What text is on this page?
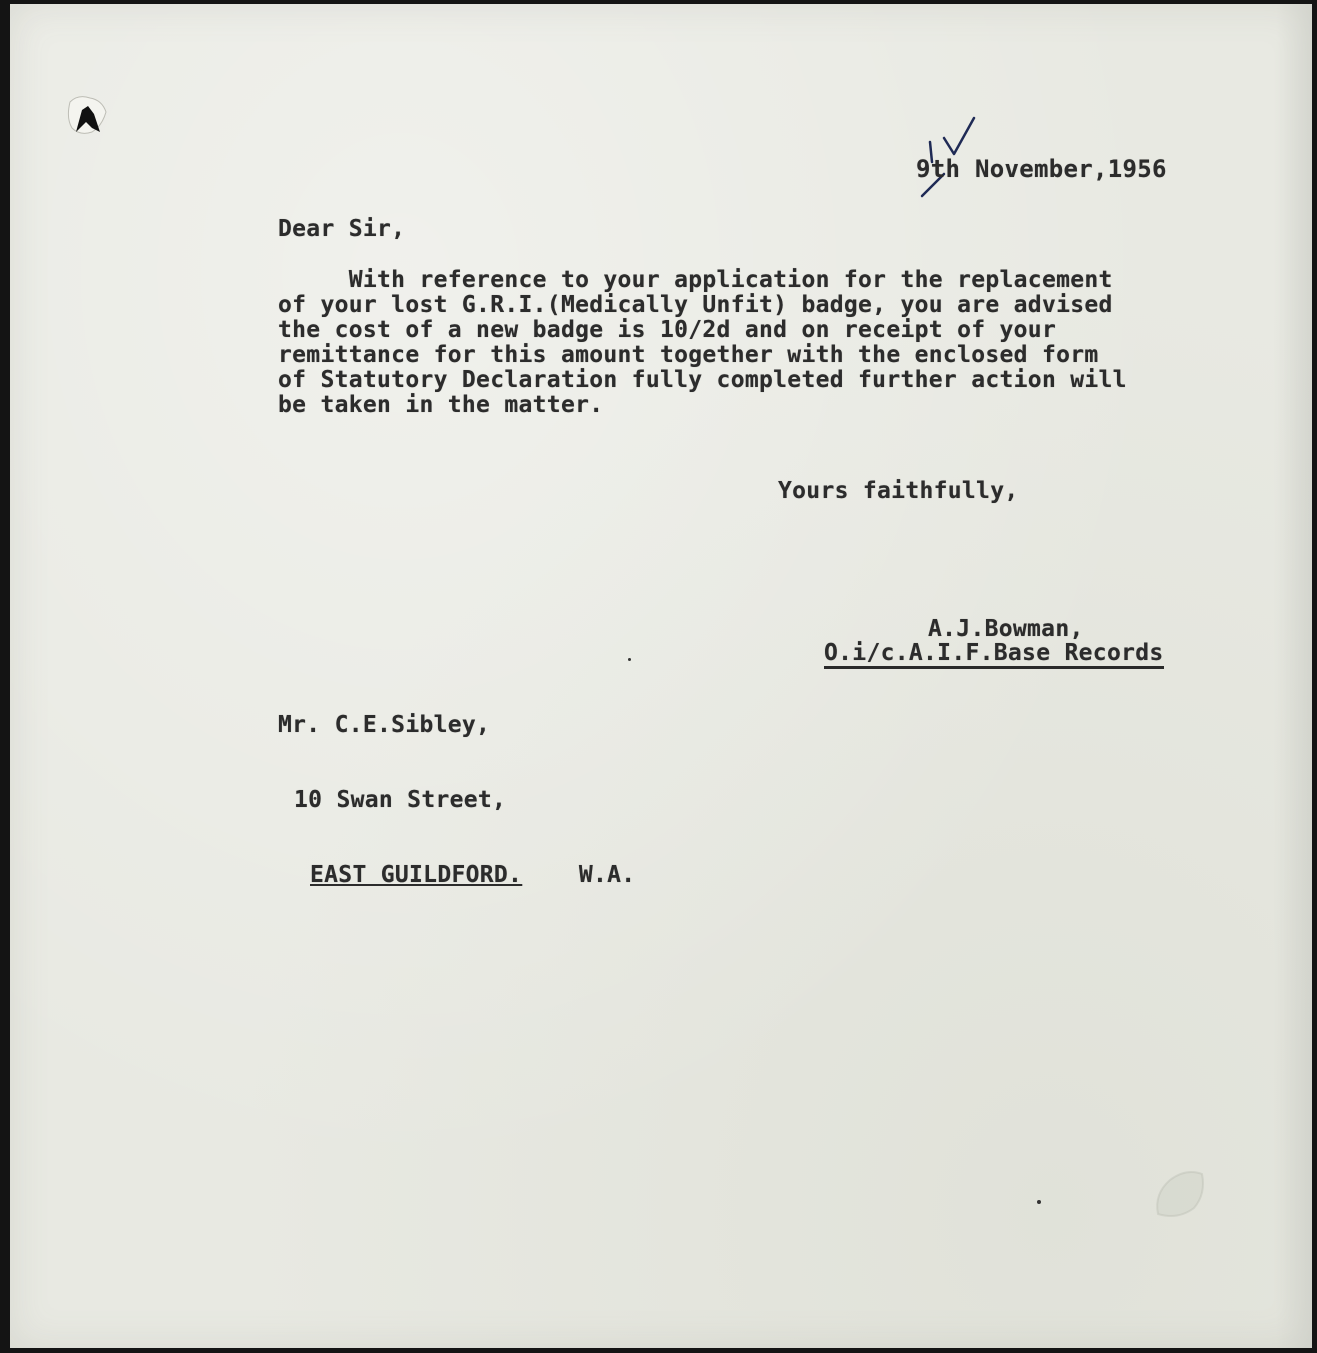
9th November,1956
Dear Sir,
With reference to your application for the replacement
of your lost G.R.I.(Medically Unfit) badge, you are advised
the cost of a new badge is 10/2d and on receipt of your
remittance for this amount together with the enclosed form
of Statutory Declaration fully completed further action will
be taken in the matter.
Yours faithfully,
A.J.Bowman,
O.i/c.A.I.F.Base Records

Mr. C.E.Sibley,

10 Swan Street,

EAST GUILDFORD. W.A.
